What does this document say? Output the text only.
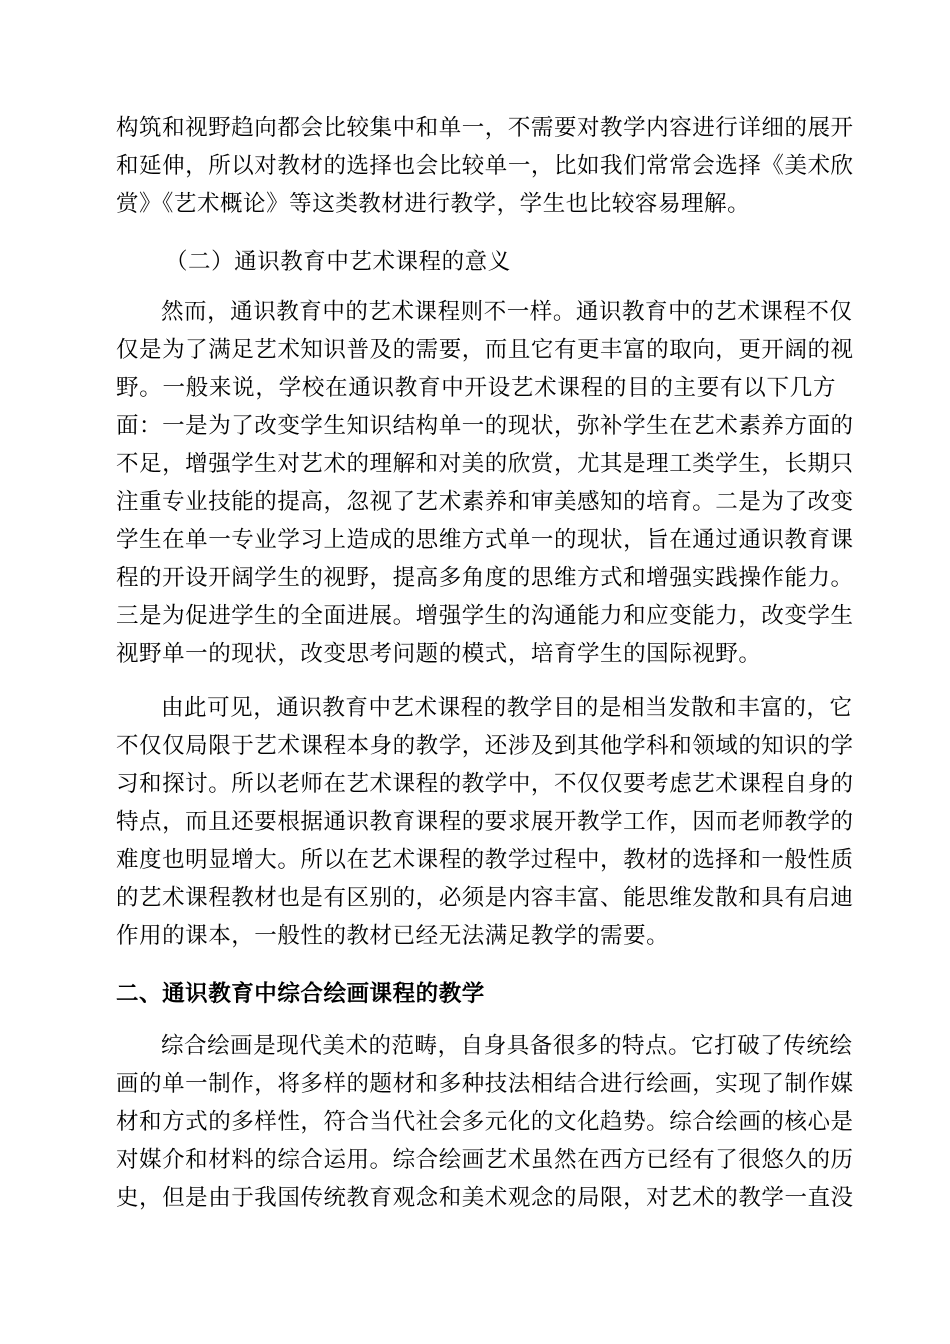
构筑和视野趋向都会比较集中和单一，不需要对教学内容进行详细的展开
和延伸，所以对教材的选择也会比较单一，比如我们常常会选择《美术欣
赏》《艺术概论》等这类教材进行教学，学生也比较容易理解。
（二）通识教育中艺术课程的意义
然而，通识教育中的艺术课程则不一样。通识教育中的艺术课程不仅
仅是为了满足艺术知识普及的需要，而且它有更丰富的取向，更开阔的视
野。一般来说，学校在通识教育中开设艺术课程的目的主要有以下几方
面：一是为了改变学生知识结构单一的现状，弥补学生在艺术素养方面的
不足，增强学生对艺术的理解和对美的欣赏，尤其是理工类学生，长期只
注重专业技能的提高，忽视了艺术素养和审美感知的培育。二是为了改变
学生在单一专业学习上造成的思维方式单一的现状，旨在通过通识教育课
程的开设开阔学生的视野，提高多角度的思维方式和增强实践操作能力。
三是为促进学生的全面进展。增强学生的沟通能力和应变能力，改变学生
视野单一的现状，改变思考问题的模式，培育学生的国际视野。
由此可见，通识教育中艺术课程的教学目的是相当发散和丰富的，它
不仅仅局限于艺术课程本身的教学，还涉及到其他学科和领域的知识的学
习和探讨。所以老师在艺术课程的教学中，不仅仅要考虑艺术课程自身的
特点，而且还要根据通识教育课程的要求展开教学工作，因而老师教学的
难度也明显增大。所以在艺术课程的教学过程中，教材的选择和一般性质
的艺术课程教材也是有区别的，必须是内容丰富、能思维发散和具有启迪
作用的课本，一般性的教材已经无法满足教学的需要。
二、通识教育中综合绘画课程的教学
综合绘画是现代美术的范畴，自身具备很多的特点。它打破了传统绘
画的单一制作，将多样的题材和多种技法相结合进行绘画，实现了制作媒
材和方式的多样性，符合当代社会多元化的文化趋势。综合绘画的核心是
对媒介和材料的综合运用。综合绘画艺术虽然在西方已经有了很悠久的历
史，但是由于我国传统教育观念和美术观念的局限，对艺术的教学一直没
